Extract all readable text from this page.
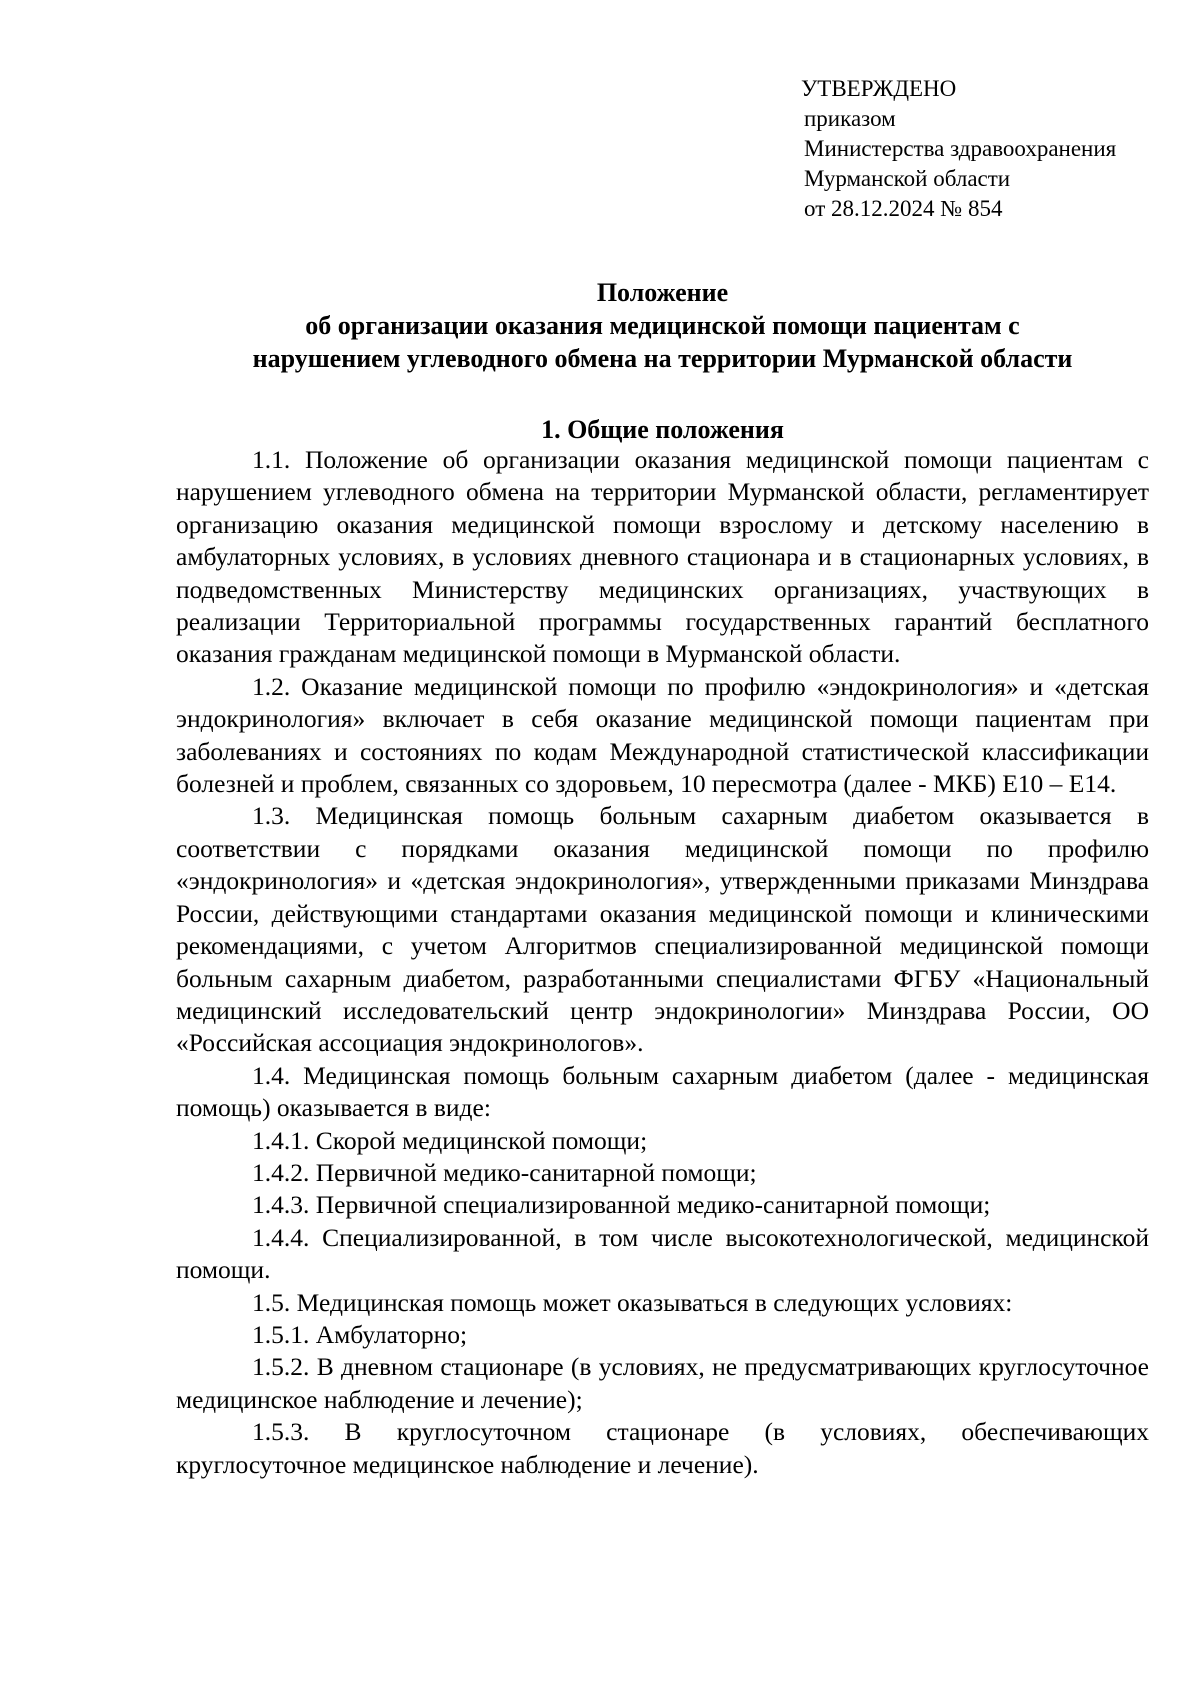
УТВЕРЖДЕНО
приказом
Министерства здравоохранения
Мурманской области
от 28.12.2024 № 854
Положение
об организации оказания медицинской помощи пациентам с
нарушением углеводного обмена на территории Мурманской области
1. Общие положения

1.1. Положение об организации оказания медицинской помощи пациентам с нарушением углеводного обмена на территории Мурманской области, регламентирует организацию оказания медицинской помощи взрослому и детскому населению в амбулаторных условиях, в условиях дневного стационара и в стационарных условиях, в подведомственных Министерству медицинских организациях, участвующих в реализации Территориальной программы государственных гарантий бесплатного оказания гражданам медицинской помощи в Мурманской области.

1.2. Оказание медицинской помощи по профилю «эндокринология» и «детская эндокринология» включает в себя оказание медицинской помощи пациентам при заболеваниях и состояниях по кодам Международной статистической классификации болезней и проблем, связанных со здоровьем, 10 пересмотра (далее - МКБ) Е10 – Е14.

1.3. Медицинская помощь больным сахарным диабетом оказывается в соответствии с порядками оказания медицинской помощи по профилю «эндокринология» и «детская эндокринология», утвержденными приказами Минздрава России, действующими стандартами оказания медицинской помощи и клиническими рекомендациями, с учетом Алгоритмов специализированной медицинской помощи больным сахарным диабетом, разработанными специалистами ФГБУ «Национальный медицинский исследовательский центр эндокринологии» Минздрава России, ОО «Российская ассоциация эндокринологов».

1.4. Медицинская помощь больным сахарным диабетом (далее - медицинская помощь) оказывается в виде:

1.4.1. Скорой медицинской помощи;

1.4.2. Первичной медико-санитарной помощи;

1.4.3. Первичной специализированной медико-санитарной помощи;

1.4.4. Специализированной, в том числе высокотехнологической, медицинской помощи.

1.5. Медицинская помощь может оказываться в следующих условиях:

1.5.1. Амбулаторно;

1.5.2. В дневном стационаре (в условиях, не предусматривающих круглосуточное медицинское наблюдение и лечение);

1.5.3. В круглосуточном стационаре (в условиях, обеспечивающих круглосуточное медицинское наблюдение и лечение).
